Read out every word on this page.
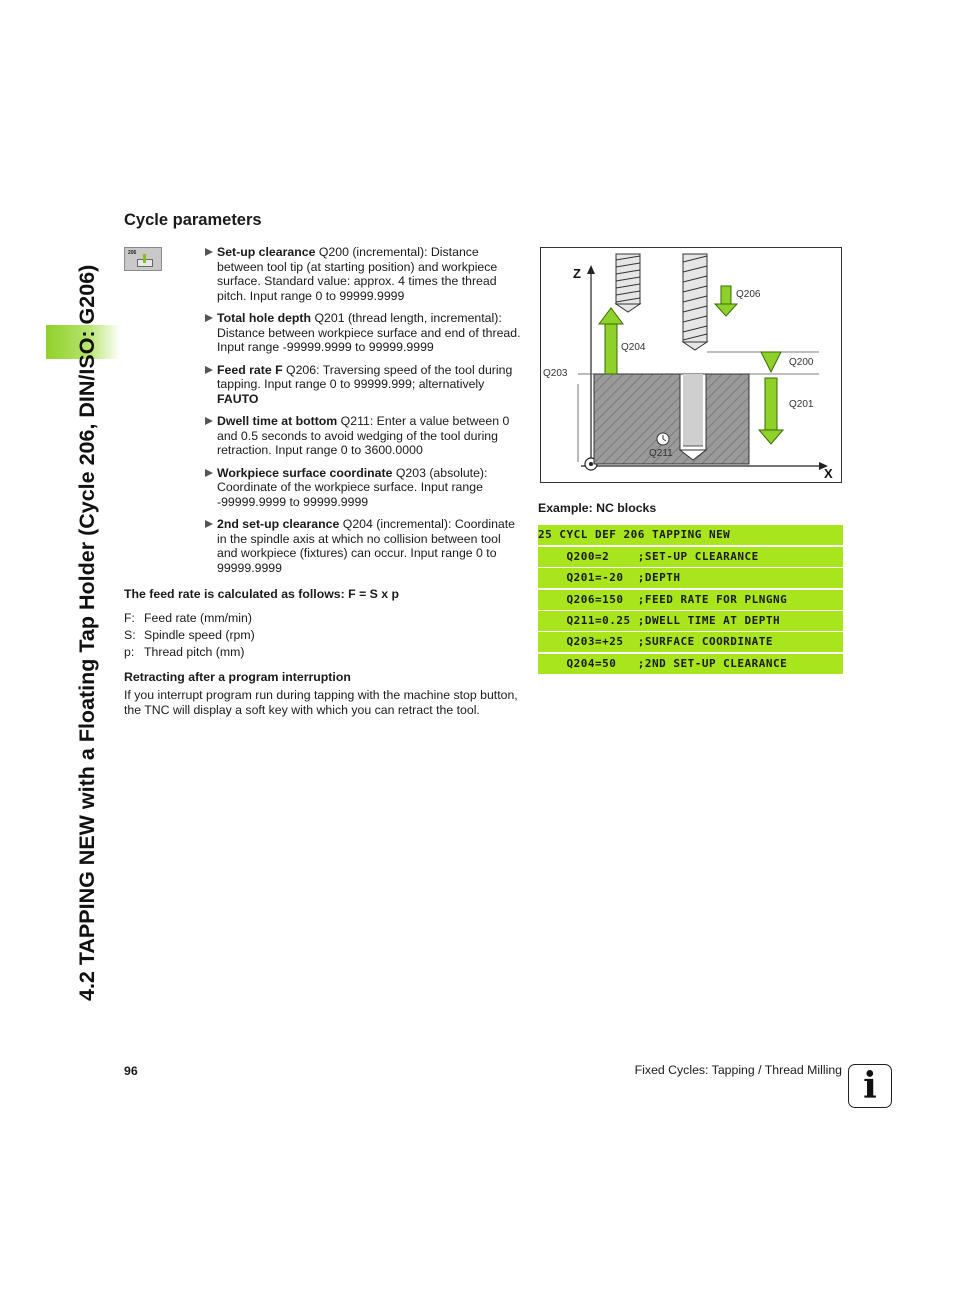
4.2 TAPPING NEW with a Floating Tap Holder (Cycle 206, DIN/ISO: G206)
Cycle parameters
206	Set-up clearance Q200 (incremental): Distance between tool tip (at starting position) and workpiece surface. Standard value: approx. 4 times the thread pitch. Input range 0 to 99999.9999
Total hole depth Q201 (thread length, incremental): Distance between workpiece surface and end of thread. Input range -99999.9999 to 99999.9999
Feed rate F Q206: Traversing speed of the tool during tapping. Input range 0 to 99999.999; alternatively FAUTO
Dwell time at bottom Q211: Enter a value between 0 and 0.5 seconds to avoid wedging of the tool during retraction. Input range 0 to 3600.0000
Workpiece surface coordinate Q203 (absolute): Coordinate of the workpiece surface. Input range -99999.9999 to 99999.9999
2nd set-up clearance Q204 (incremental): Coordinate in the spindle axis at which no collision between tool and workpiece (fixtures) can occur. Input range 0 to 99999.9999
The feed rate is calculated as follows: F = S x p
F: Feed rate (mm/min)
S: Spindle speed (rpm)
p: Thread pitch (mm)
Retracting after a program interruption
If you interrupt program run during tapping with the machine stop button, the TNC will display a soft key with which you can retract the tool.
Z
X
Q206
Q204
Q203
Q200
Q201
Q211
Example: NC blocks
25 CYCL DEF 206 TAPPING NEW
Q200=2    ;SET-UP CLEARANCE
Q201=-20  ;DEPTH
Q206=150  ;FEED RATE FOR PLNGNG
Q211=0.25 ;DWELL TIME AT DEPTH
Q203=+25  ;SURFACE COORDINATE
Q204=50   ;2ND SET-UP CLEARANCE
96	Fixed Cycles: Tapping / Thread Milling i
